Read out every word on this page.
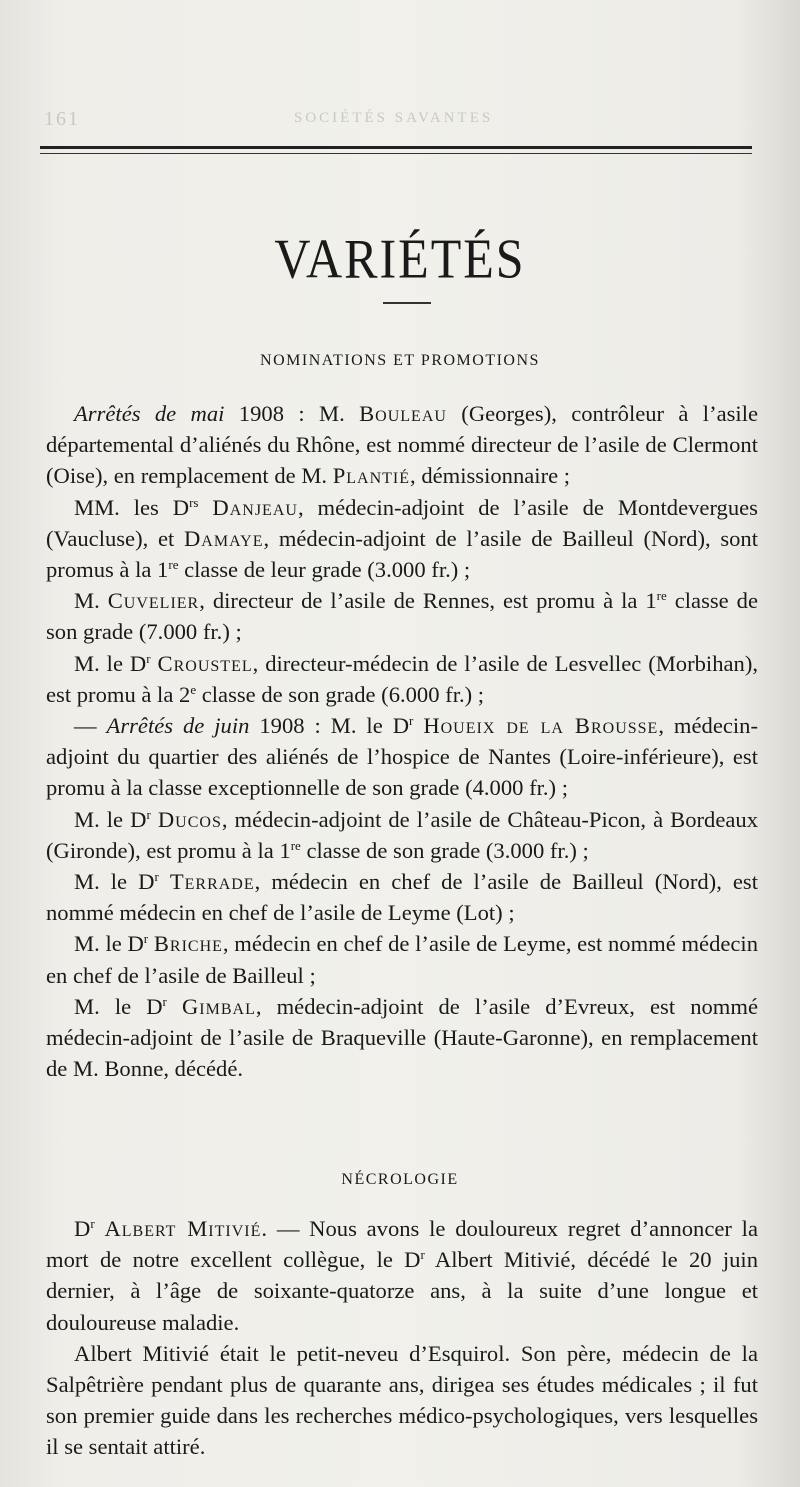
161	SOCIÉTÉS SAVANTES
VARIÉTÉS
NOMINATIONS ET PROMOTIONS

Arrêtés de mai 1908 : M. Bouleau (Georges), contrôleur à l’asile départemental d’aliénés du Rhône, est nommé directeur de l’asile de Clermont (Oise), en remplacement de M. Plantié, démissionnaire ;

MM. les $D^{rs}$ Danjeau, médecin-adjoint de l’asile de Montdevergues (Vaucluse), et Damaye, médecin-adjoint de l’asile de Bailleul (Nord), sont promus à la 1re classe de leur grade (3.000 fr.) ;

M. Cuvelier, directeur de l’asile de Rennes, est promu à la 1re classe de son grade (7.000 fr.) ;

M. le $D^r$ Croustel, directeur-médecin de l’asile de Lesvellec (Morbihan), est promu à la 2e classe de son grade (6.000 fr.) ;

— Arrêtés de juin 1908 : M. le $D^r$ Houeix de la Brousse, médecin-adjoint du quartier des aliénés de l’hospice de Nantes (Loire-inférieure), est promu à la classe exceptionnelle de son grade (4.000 fr.) ;

M. le $D^r$ Ducos, médecin-adjoint de l’asile de Château-Picon, à Bordeaux (Gironde), est promu à la 1re classe de son grade (3.000 fr.) ;

M. le $D^r$ Terrade, médecin en chef de l’asile de Bailleul (Nord), est nommé médecin en chef de l’asile de Leyme (Lot) ;

M. le $D^r$ Briche, médecin en chef de l’asile de Leyme, est nommé médecin en chef de l’asile de Bailleul ;

M. le $D^r$ Gimbal, médecin-adjoint de l’asile d’Evreux, est nommé médecin-adjoint de l’asile de Braqueville (Haute-Garonne), en remplacement de M. Bonne, décédé.

NÉCROLOGIE

$D^r$ Albert Mitivié. — Nous avons le douloureux regret d’annoncer la mort de notre excellent collègue, le $D^r$ Albert Mitivié, décédé le 20 juin dernier, à l’âge de soixante-quatorze ans, à la suite d’une longue et douloureuse maladie.

Albert Mitivié était le petit-neveu d’Esquirol. Son père, médecin de la Salpêtrière pendant plus de quarante ans, dirigea ses études médicales ; il fut son premier guide dans les recherches médico-psychologiques, vers lesquelles il se sentait attiré.
